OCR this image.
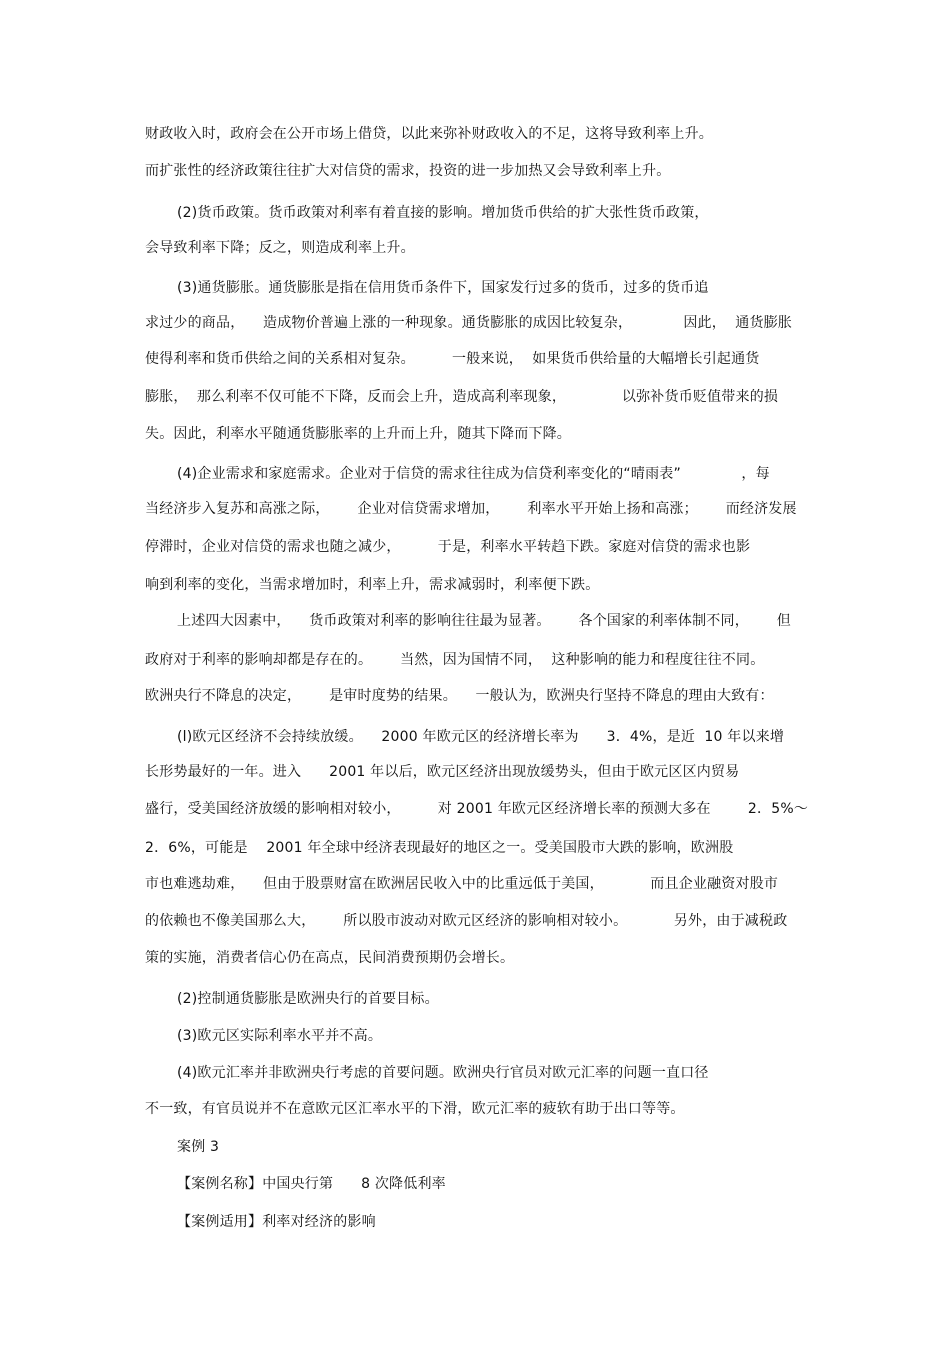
财政收入时，政府会在公开市场上借贷，以此来弥补财政收入的不足，这将导致利率上升。
而扩张性的经济政策往往扩大对信贷的需求，投资的进一步加热又会导致利率上升。
(2)货币政策。货币政策对利率有着直接的影响。增加货币供给的扩大张性货币政策，
会导致利率下降；反之，则造成利率上升。
(3)通货膨胀。通货膨胀是指在信用货币条件下，国家发行过多的货币，过多的货币追
求过少的商品，    造成物价普遍上涨的一种现象。通货膨胀的成因比较复杂，           因此，  通货膨胀
使得利率和货币供给之间的关系相对复杂。        一般来说，  如果货币供给量的大幅增长引起通货
膨胀，  那么利率不仅可能不下降，反而会上升，造成高利率现象，            以弥补货币贬值带来的损
失。因此，利率水平随通货膨胀率的上升而上升，随其下降而下降。
(4)企业需求和家庭需求。企业对于信贷的需求往往成为信贷利率变化的“晴雨表”             ，每
当经济步入复苏和高涨之际，      企业对信贷需求增加，      利率水平开始上扬和高涨；      而经济发展
停滞时，企业对信贷的需求也随之减少，        于是，利率水平转趋下跌。家庭对信贷的需求也影
响到利率的变化，当需求增加时，利率上升，需求减弱时，利率便下跌。
上述四大因素中，    货币政策对利率的影响往往最为显著。      各个国家的利率体制不同，      但
政府对于利率的影响却都是存在的。      当然，因为国情不同，  这种影响的能力和程度往往不同。
欧洲央行不降息的决定，      是审时度势的结果。    一般认为，欧洲央行坚持不降息的理由大致有：
(l)欧元区经济不会持续放缓。    2000 年欧元区的经济增长率为      3．4%，是近  10 年以来增
长形势最好的一年。进入      2001 年以后，欧元区经济出现放缓势头，但由于欧元区区内贸易
盛行，受美国经济放缓的影响相对较小，        对 2001 年欧元区经济增长率的预测大多在        2．5%～
2．6%，可能是    2001 年全球中经济表现最好的地区之一。受美国股市大跌的影响，欧洲股
市也难逃劫难，    但由于股票财富在欧洲居民收入中的比重远低于美国，          而且企业融资对股市
的依赖也不像美国那么大，      所以股市波动对欧元区经济的影响相对较小。          另外，由于减税政
策的实施，消费者信心仍在高点，民间消费预期仍会增长。
(2)控制通货膨胀是欧洲央行的首要目标。
(3)欧元区实际利率水平并不高。
(4)欧元汇率并非欧洲央行考虑的首要问题。欧洲央行官员对欧元汇率的问题一直口径
不一致，有官员说并不在意欧元区汇率水平的下滑，欧元汇率的疲软有助于出口等等。
案例 3
【案例名称】中国央行第      8 次降低利率
【案例适用】利率对经济的影响
